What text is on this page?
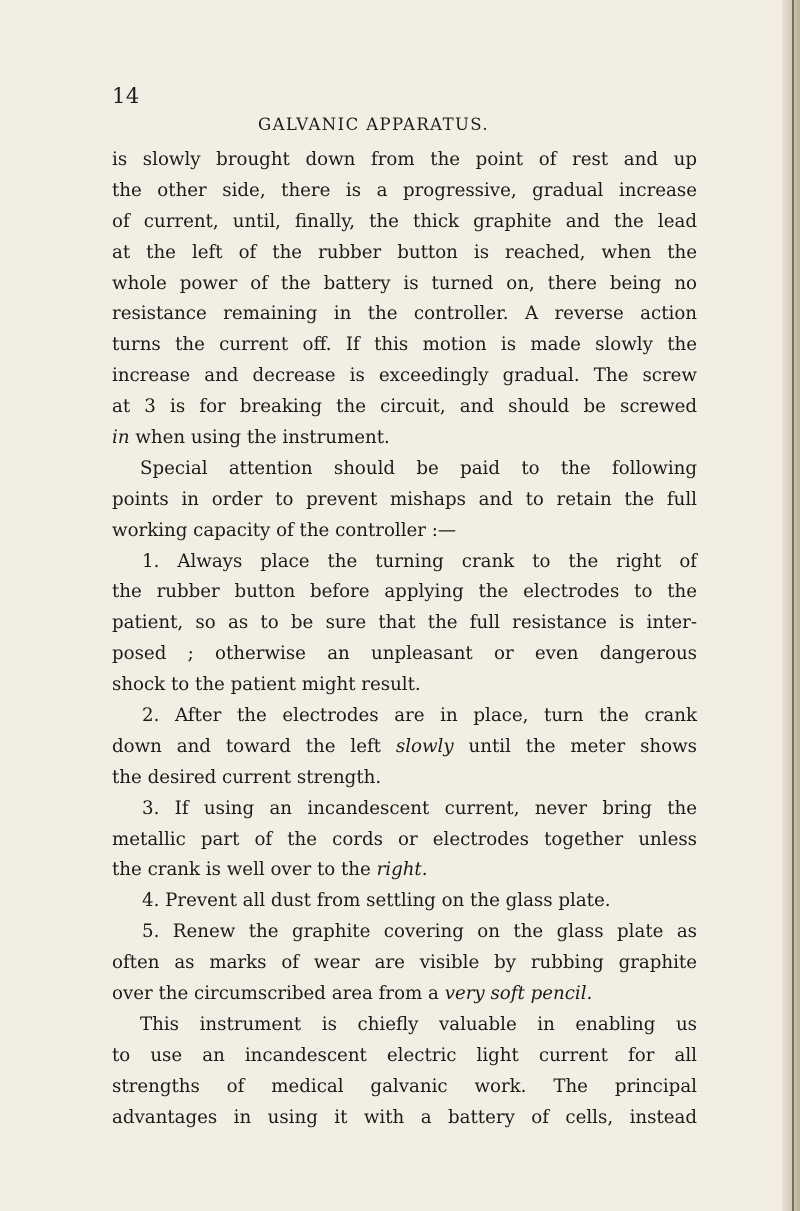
14
GALVANIC APPARATUS.
is slowly brought down from the point of rest and up
the other side, there is a progressive, gradual increase
of current, until, finally, the thick graphite and the lead
at the left of the rubber button is reached, when the
whole power of the battery is turned on, there being no
resistance remaining in the controller. A reverse action
turns the current off. If this motion is made slowly the
increase and decrease is exceedingly gradual. The screw
at 3 is for breaking the circuit, and should be screwed
in when using the instrument.
Special attention should be paid to the following
points in order to prevent mishaps and to retain the full
working capacity of the controller :—
1. Always place the turning crank to the right of
the rubber button before applying the electrodes to the
patient, so as to be sure that the full resistance is inter-
posed ; otherwise an unpleasant or even dangerous
shock to the patient might result.
2. After the electrodes are in place, turn the crank
down and toward the left slowly until the meter shows
the desired current strength.
3. If using an incandescent current, never bring the
metallic part of the cords or electrodes together unless
the crank is well over to the right.
4. Prevent all dust from settling on the glass plate.
5. Renew the graphite covering on the glass plate as
often as marks of wear are visible by rubbing graphite
over the circumscribed area from a very soft pencil.
This instrument is chiefly valuable in enabling us
to use an incandescent electric light current for all
strengths of medical galvanic work. The principal
advantages in using it with a battery of cells, instead
